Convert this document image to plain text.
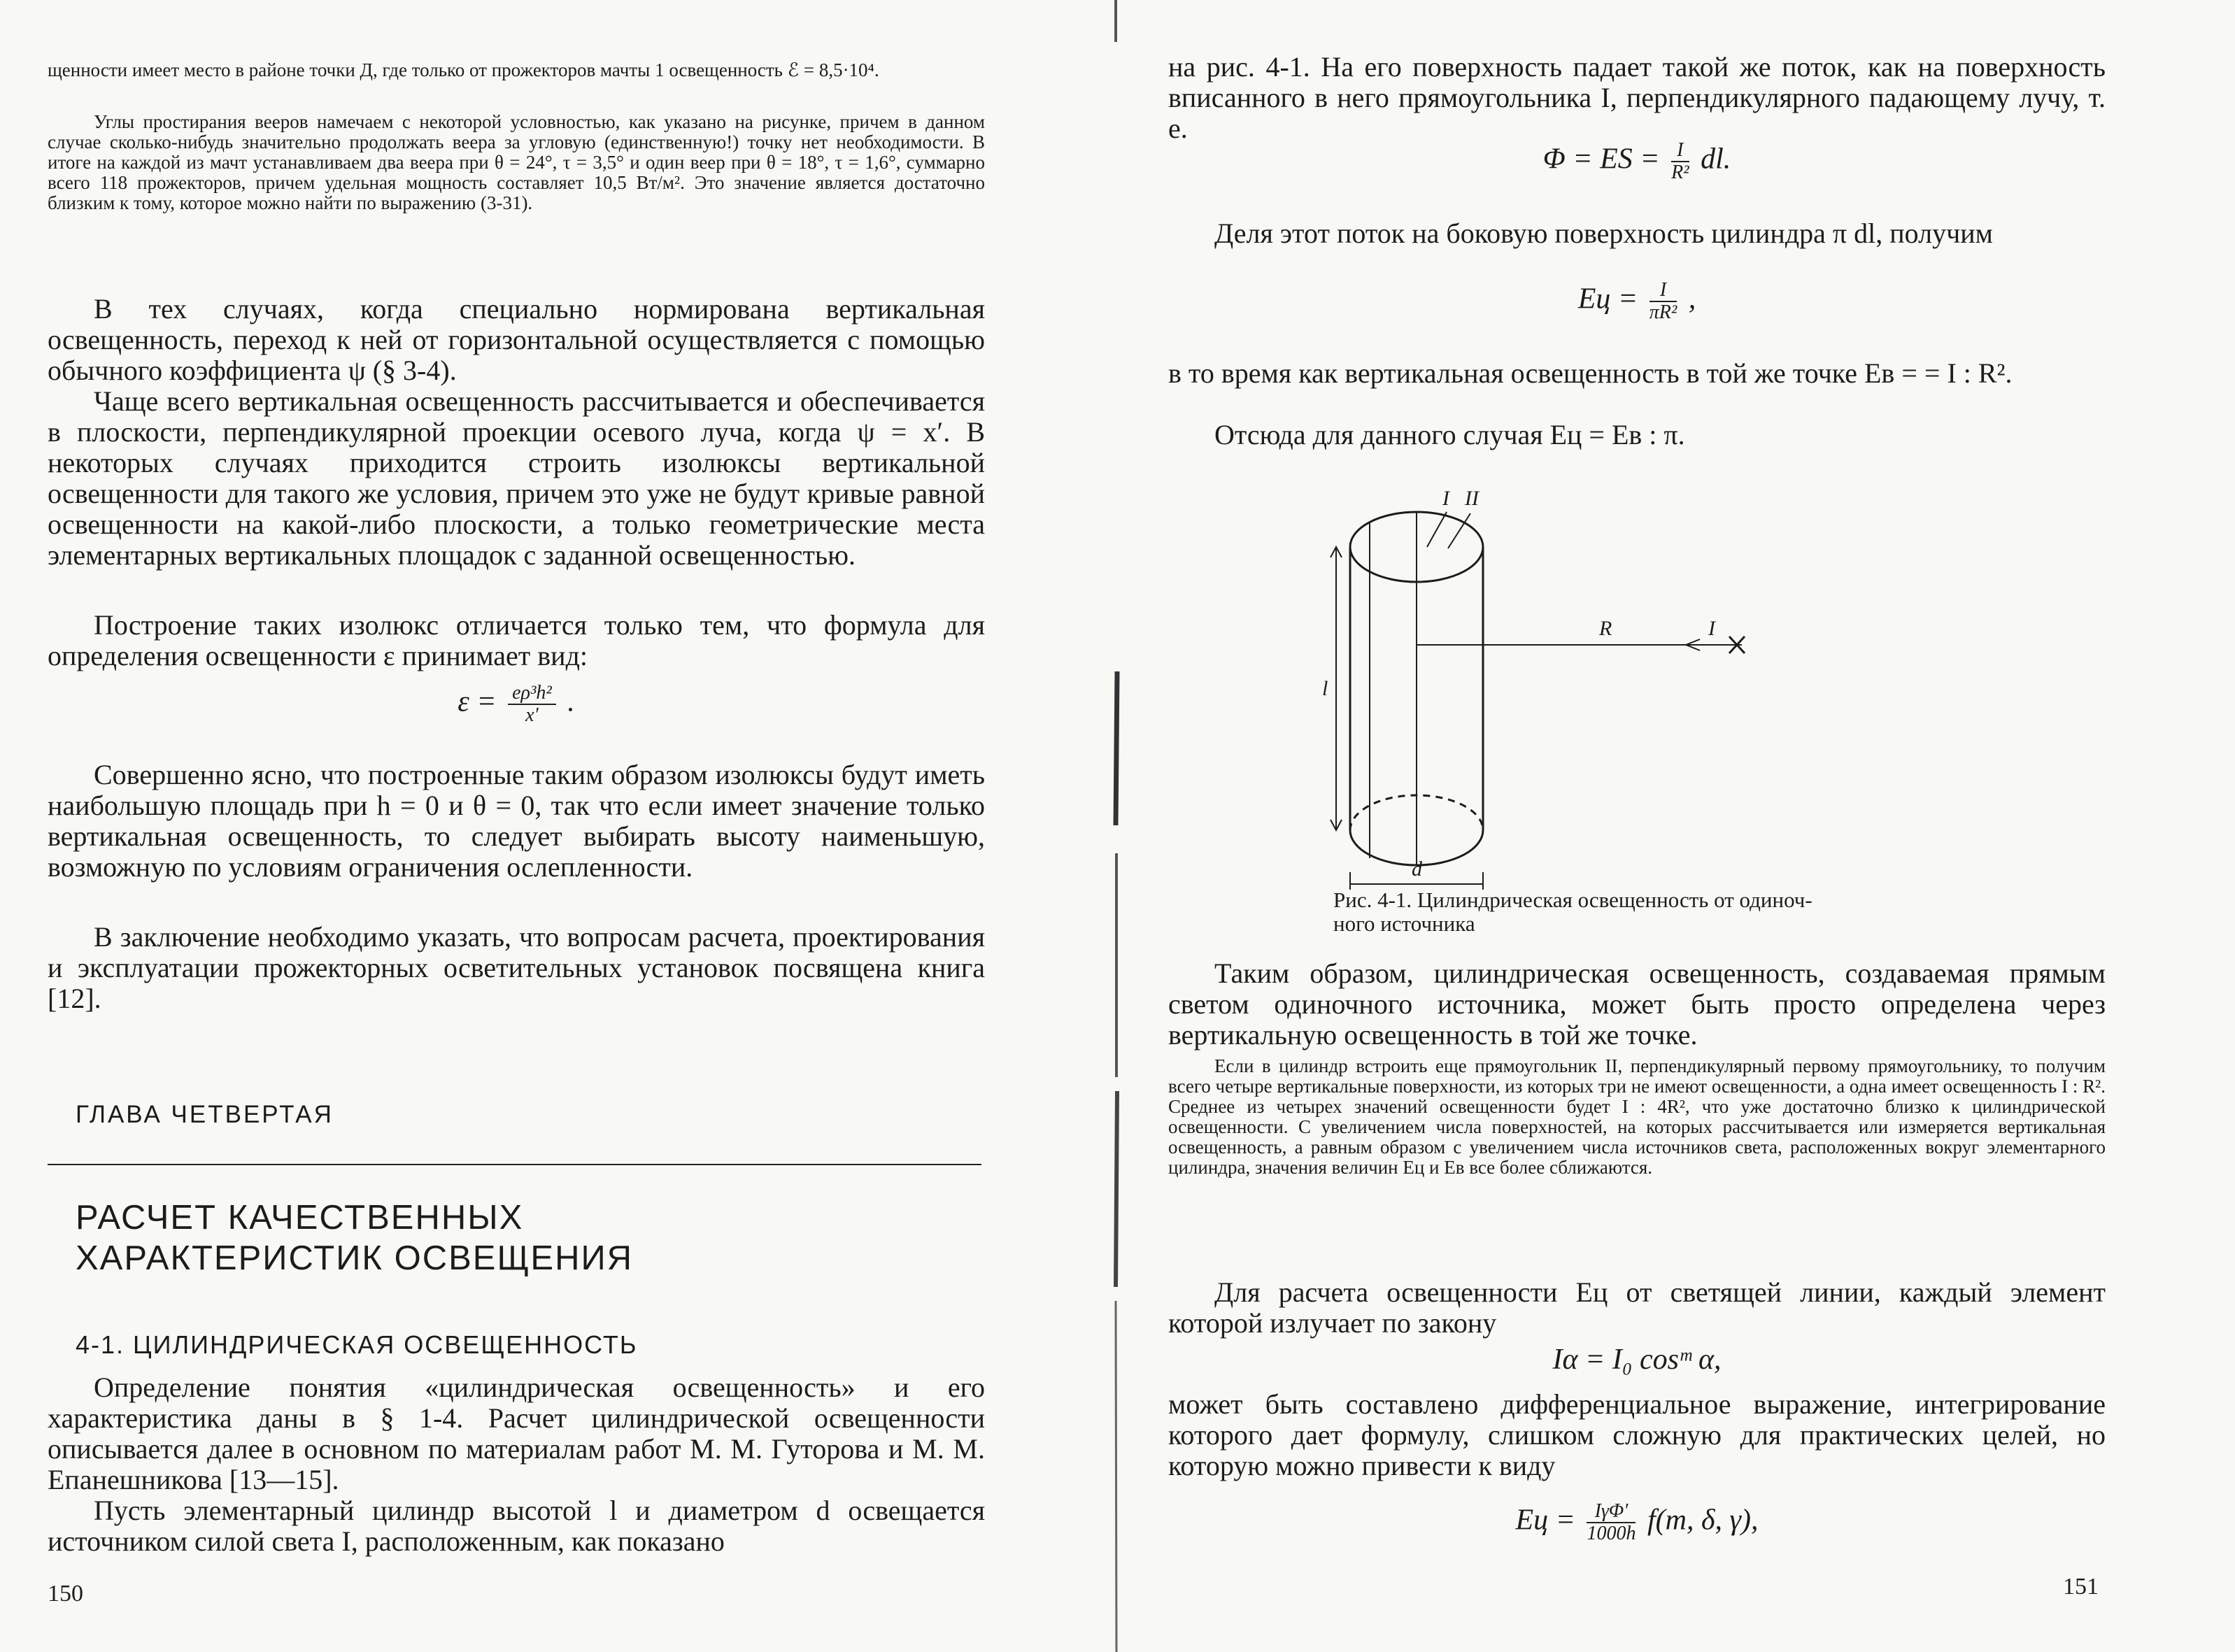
щенности имеет место в районе точки Д, где только от прожекторов мачты 1 освещенность ℰ = 8,5·10⁴.

Углы простирания вееров намечаем с некоторой условностью, как указано на рисунке, причем в данном случае сколько-нибудь значительно продолжать веера за угловую (единственную!) точку нет необходимости. В итоге на каждой из мачт устанавливаем два веера при θ = 24°, τ = 3,5° и один веер при θ = 18°, τ = 1,6°, суммарно всего 118 прожекторов, причем удельная мощность составляет 10,5 Вт/м². Это значение является достаточно близким к тому, которое можно найти по выражению (3-31).

В тех случаях, когда специально нормирована вертикальная освещенность, переход к ней от горизонтальной осуществляется с помощью обычного коэффициента ψ (§ 3-4).

Чаще всего вертикальная освещенность рассчитывается и обеспечивается в плоскости, перпендикулярной проекции осевого луча, когда ψ = x′. В некоторых случаях приходится строить изолюксы вертикальной освещенности для такого же условия, причем это уже не будут кривые равной освещенности на какой-либо плоскости, а только геометрические места элементарных вертикальных площадок с заданной освещенностью.

Построение таких изолюкс отличается только тем, что формула для определения освещенности ε принимает вид:

$\varepsilon = \frac{\text{eρ³h²}}{x'}$ .

Совершенно ясно, что построенные таким образом изолюксы будут иметь наибольшую площадь при h = 0 и θ = 0, так что если имеет значение только вертикальная освещенность, то следует выбирать высоту наименьшую, возможную по условиям ограничения ослепленности.

В заключение необходимо указать, что вопросам расчета, проектирования и эксплуатации прожекторных осветительных установок посвящена книга [12].

ГЛАВА ЧЕТВЕРТАЯ
РАСЧЕТ КАЧЕСТВЕННЫХ
ХАРАКТЕРИСТИК ОСВЕЩЕНИЯ
4-1. ЦИЛИНДРИЧЕСКАЯ ОСВЕЩЕННОСТЬ

Определение понятия «цилиндрическая освещенность» и его характеристика даны в § 1-4. Расчет цилиндрической освещенности описывается далее в основном по материалам работ М. М. Гуторова и М. М. Епанешникова [13—15].

Пусть элементарный цилиндр высотой l и диаметром d освещается источником силой света I, расположенным, как показано

150

на рис. 4-1. На его поверхность падает такой же поток, как на поверхность вписанного в него прямоугольника I, перпендикулярного падающему лучу, т. е.

Φ = ES = $\frac{I}{\text{R²}}$ dl.

Деля этот поток на боковую поверхность цилиндра π dl, получим

Eц = $\frac{I}{\text{πR²}}$ ,

в то время как вертикальная освещенность в той же точке Eв = = I : R².

Отсюда для данного случая Eц = Eв : π.

I II
l
R	I
d
Рис. 4-1. Цилиндрическая освещенность от одиноч-
ного источника

Таким образом, цилиндрическая освещенность, создаваемая прямым светом одиночного источника, может быть просто определена через вертикальную освещенность в той же точке.

Если в цилиндр встроить еще прямоугольник II, перпендикулярный первому прямоугольнику, то получим всего четыре вертикальные поверхности, из которых три не имеют освещенности, а одна имеет освещенность I : R². Среднее из четырех значений освещенности будет I : 4R², что уже достаточно близко к цилиндрической освещенности. С увеличением числа поверхностей, на которых рассчитывается или измеряется вертикальная освещенность, а равным образом с увеличением числа источников света, расположенных вокруг элементарного цилиндра, значения величин Eц и Eв все более сближаются.

Для расчета освещенности Eц от светящей линии, каждый элемент которой излучает по закону

Iα = I₀ cosᵐ α,

может быть составлено дифференциальное выражение, интегрирование которого дает формулу, слишком сложную для практических целей, но которую можно привести к виду

Eц = IγΦ′
1000h f(m, δ, γ),
151
